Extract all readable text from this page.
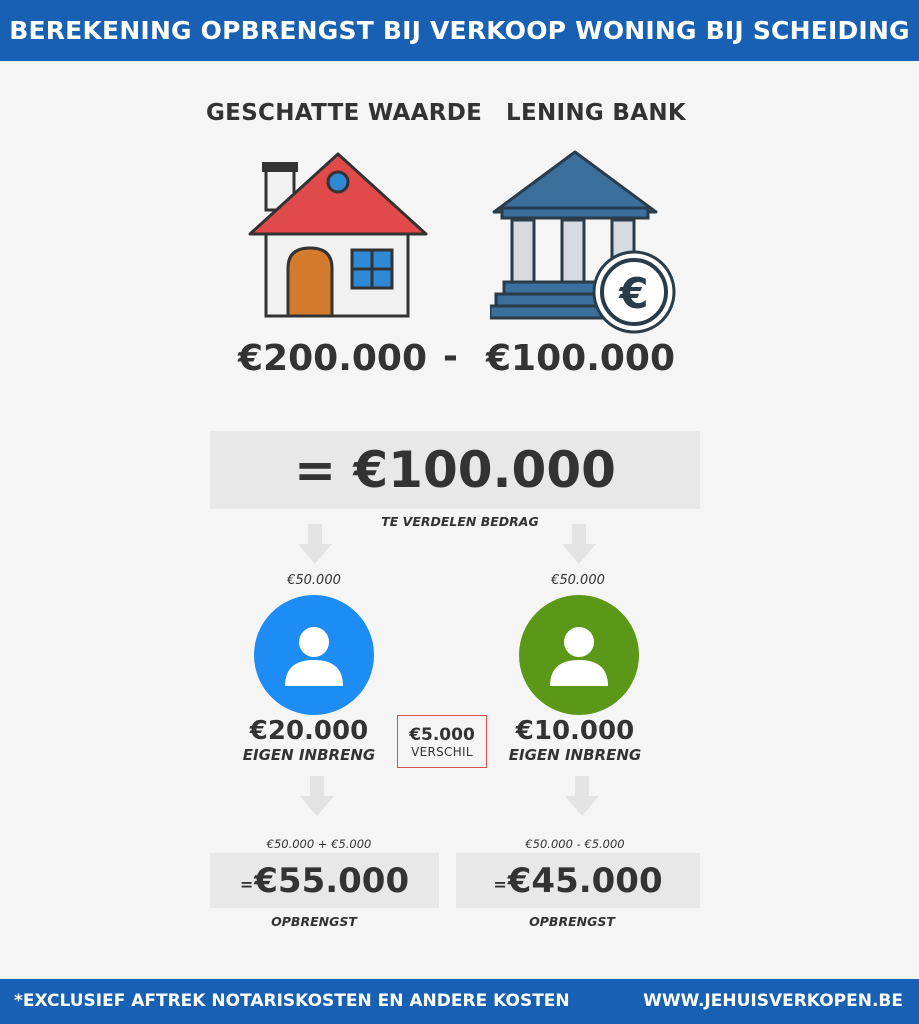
BEREKENING OPBRENGST BIJ VERKOOP WONING BIJ SCHEIDING
GESCHATTE WAARDE LENING BANK
€
€200.000 - €100.000
= €100.000
TE VERDELEN BEDRAG
€50.000	€50.000
€20.000
EIGEN INBRENG
€10.000
EIGEN INBRENG
€5.000
VERSCHIL
€50.000 + €5.000	€50.000 - €5.000
= €55.000	= €45.000
OPBRENGST	OPBRENGST
*EXCLUSIEF AFTREK NOTARISKOSTEN EN ANDERE KOSTEN	WWW.JEHUISVERKOPEN.BE
